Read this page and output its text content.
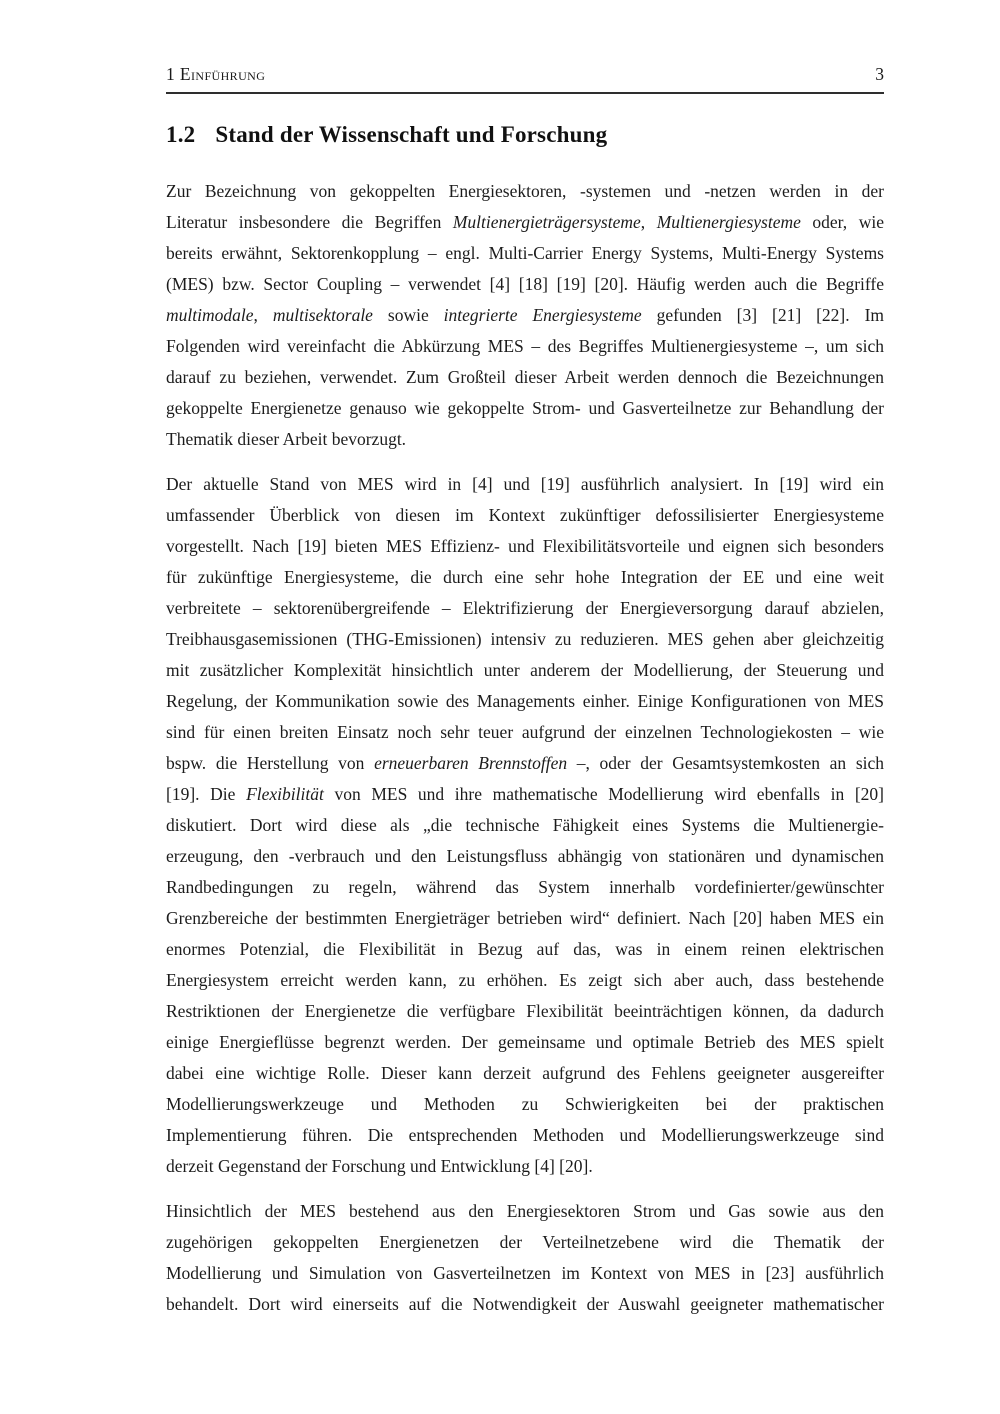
1 Einführung	3
1.2 Stand der Wissenschaft und Forschung

Zur Bezeichnung von gekoppelten Energiesektoren, -systemen und -netzen werden in der
Literatur insbesondere die Begriffen Multienergieträgersysteme, Multienergiesysteme oder, wie
bereits erwähnt, Sektorenkopplung – engl. Multi-Carrier Energy Systems, Multi-Energy Systems
(MES) bzw. Sector Coupling – verwendet [4] [18] [19] [20]. Häufig werden auch die Begriffe
multimodale, multisektorale sowie integrierte Energiesysteme gefunden [3] [21] [22]. Im
Folgenden wird vereinfacht die Abkürzung MES – des Begriffes Multienergiesysteme –, um sich
darauf zu beziehen, verwendet. Zum Großteil dieser Arbeit werden dennoch die Bezeichnungen
gekoppelte Energienetze genauso wie gekoppelte Strom- und Gasverteilnetze zur Behandlung der
Thematik dieser Arbeit bevorzugt.

Der aktuelle Stand von MES wird in [4] und [19] ausführlich analysiert. In [19] wird ein
umfassender Überblick von diesen im Kontext zukünftiger defossilisierter Energiesysteme
vorgestellt. Nach [19] bieten MES Effizienz- und Flexibilitätsvorteile und eignen sich besonders
für zukünftige Energiesysteme, die durch eine sehr hohe Integration der EE und eine weit
verbreitete – sektorenübergreifende – Elektrifizierung der Energieversorgung darauf abzielen,
Treibhausgasemissionen (THG-Emissionen) intensiv zu reduzieren. MES gehen aber gleichzeitig
mit zusätzlicher Komplexität hinsichtlich unter anderem der Modellierung, der Steuerung und
Regelung, der Kommunikation sowie des Managements einher. Einige Konfigurationen von MES
sind für einen breiten Einsatz noch sehr teuer aufgrund der einzelnen Technologiekosten – wie
bspw. die Herstellung von erneuerbaren Brennstoffen –, oder der Gesamtsystemkosten an sich
[19]. Die Flexibilität von MES und ihre mathematische Modellierung wird ebenfalls in [20]
diskutiert. Dort wird diese als „die technische Fähigkeit eines Systems die Multienergie-
erzeugung, den -verbrauch und den Leistungsfluss abhängig von stationären und dynamischen
Randbedingungen zu regeln, während das System innerhalb vordefinierter/gewünschter
Grenzbereiche der bestimmten Energieträger betrieben wird“ definiert. Nach [20] haben MES ein
enormes Potenzial, die Flexibilität in Bezug auf das, was in einem reinen elektrischen
Energiesystem erreicht werden kann, zu erhöhen. Es zeigt sich aber auch, dass bestehende
Restriktionen der Energienetze die verfügbare Flexibilität beeinträchtigen können, da dadurch
einige Energieflüsse begrenzt werden. Der gemeinsame und optimale Betrieb des MES spielt
dabei eine wichtige Rolle. Dieser kann derzeit aufgrund des Fehlens geeigneter ausgereifter
Modellierungswerkzeuge und Methoden zu Schwierigkeiten bei der praktischen
Implementierung führen. Die entsprechenden Methoden und Modellierungswerkzeuge sind
derzeit Gegenstand der Forschung und Entwicklung [4] [20].

Hinsichtlich der MES bestehend aus den Energiesektoren Strom und Gas sowie aus den
zugehörigen gekoppelten Energienetzen der Verteilnetzebene wird die Thematik der
Modellierung und Simulation von Gasverteilnetzen im Kontext von MES in [23] ausführlich
behandelt. Dort wird einerseits auf die Notwendigkeit der Auswahl geeigneter mathematischer
